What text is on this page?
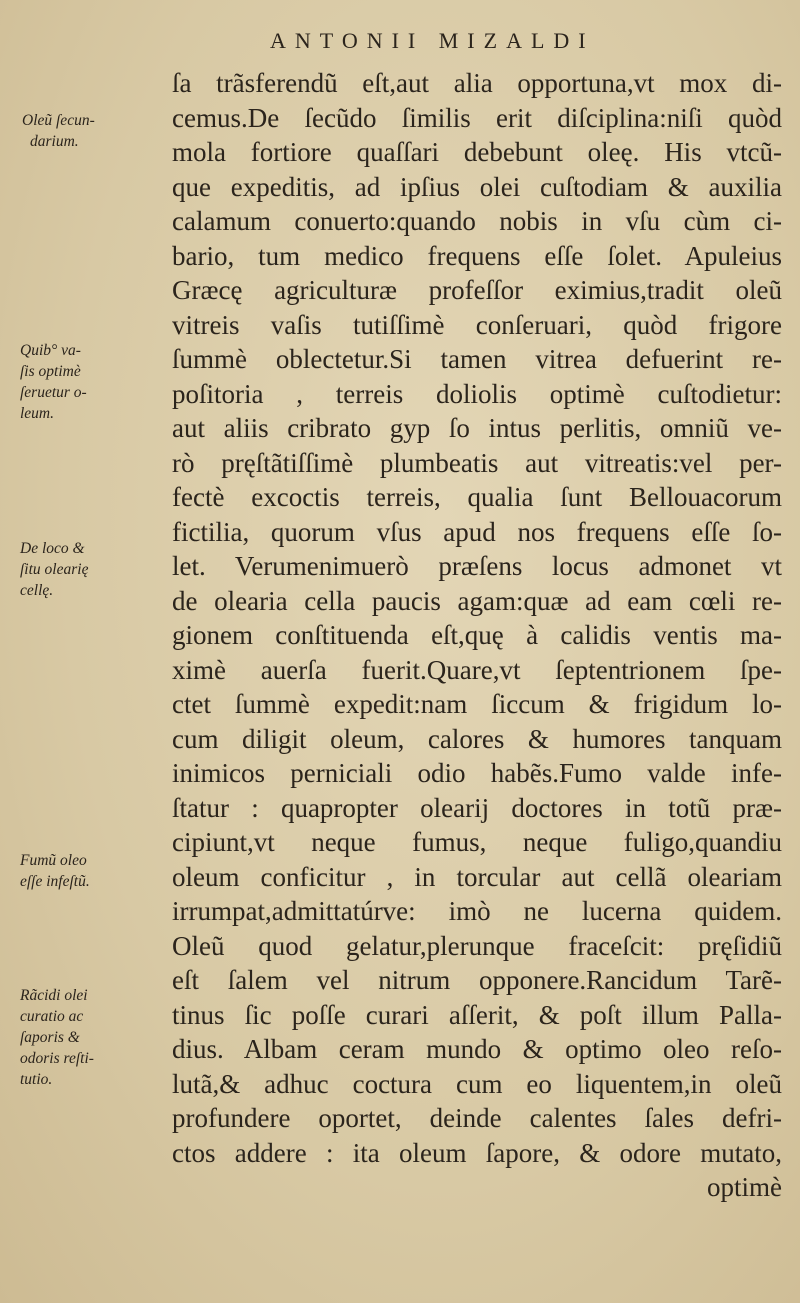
ANTONII MIZALDI
Oleũ ſecun-
darium.
Quib° va-
ſis optimè
ſeruetur o-
leum.
De loco &
ſitu olearię
cellę.
Fumũ oleo
eſſe infeſtũ.
Rãcidi olei
curatio ac
ſaporis &
odoris reſti-
tutio.
ſa trãsferendũ eſt,aut alia opportuna,vt mox di-
cemus.De ſecũdo ſimilis erit diſciplina:niſi quòd
mola fortiore quaſſari debebunt oleę. His vtcũ-
que expeditis, ad ipſius olei cuſtodiam & auxilia
calamum conuerto:quando nobis in vſu cùm ci-
bario, tum medico frequens eſſe ſolet. Apuleius
Græcę agriculturæ profeſſor eximius,tradit oleũ
vitreis vaſis tutiſſimè conſeruari, quòd frigore
ſummè oblectetur.Si tamen vitrea defuerint re-
poſitoria , terreis doliolis optimè cuſtodietur:
aut aliis cribrato gyp ſo intus perlitis, omniũ ve-
rò pręſtãtiſſimè plumbeatis aut vitreatis:vel per-
fectè excoctis terreis, qualia ſunt Bellouacorum
fictilia, quorum vſus apud nos frequens eſſe ſo-
let. Verumenimuerò præſens locus admonet vt
de olearia cella paucis agam:quæ ad eam cœli re-
gionem conſtituenda eſt,quę à calidis ventis ma-
ximè auerſa fuerit.Quare,vt ſeptentrionem ſpe-
ctet ſummè expedit:nam ſiccum & frigidum lo-
cum diligit oleum, calores & humores tanquam
inimicos perniciali odio habẽs.Fumo valde infe-
ſtatur : quapropter olearij doctores in totũ præ-
cipiunt,vt neque fumus, neque fuligo,quandiu
oleum conficitur , in torcular aut cellã oleariam
irrumpat,admittatúrve: imò ne lucerna quidem.
Oleũ quod gelatur,plerunque fraceſcit: pręſidiũ
eſt ſalem vel nitrum opponere.Rancidum Tarẽ-
tinus ſic poſſe curari aſſerit, & poſt illum Palla-
dius. Albam ceram mundo & optimo oleo reſo-
lutã,& adhuc coctura cum eo liquentem,in oleũ
profundere oportet, deinde calentes ſales defri-
ctos addere : ita oleum ſapore, & odore mutato,
optimè
